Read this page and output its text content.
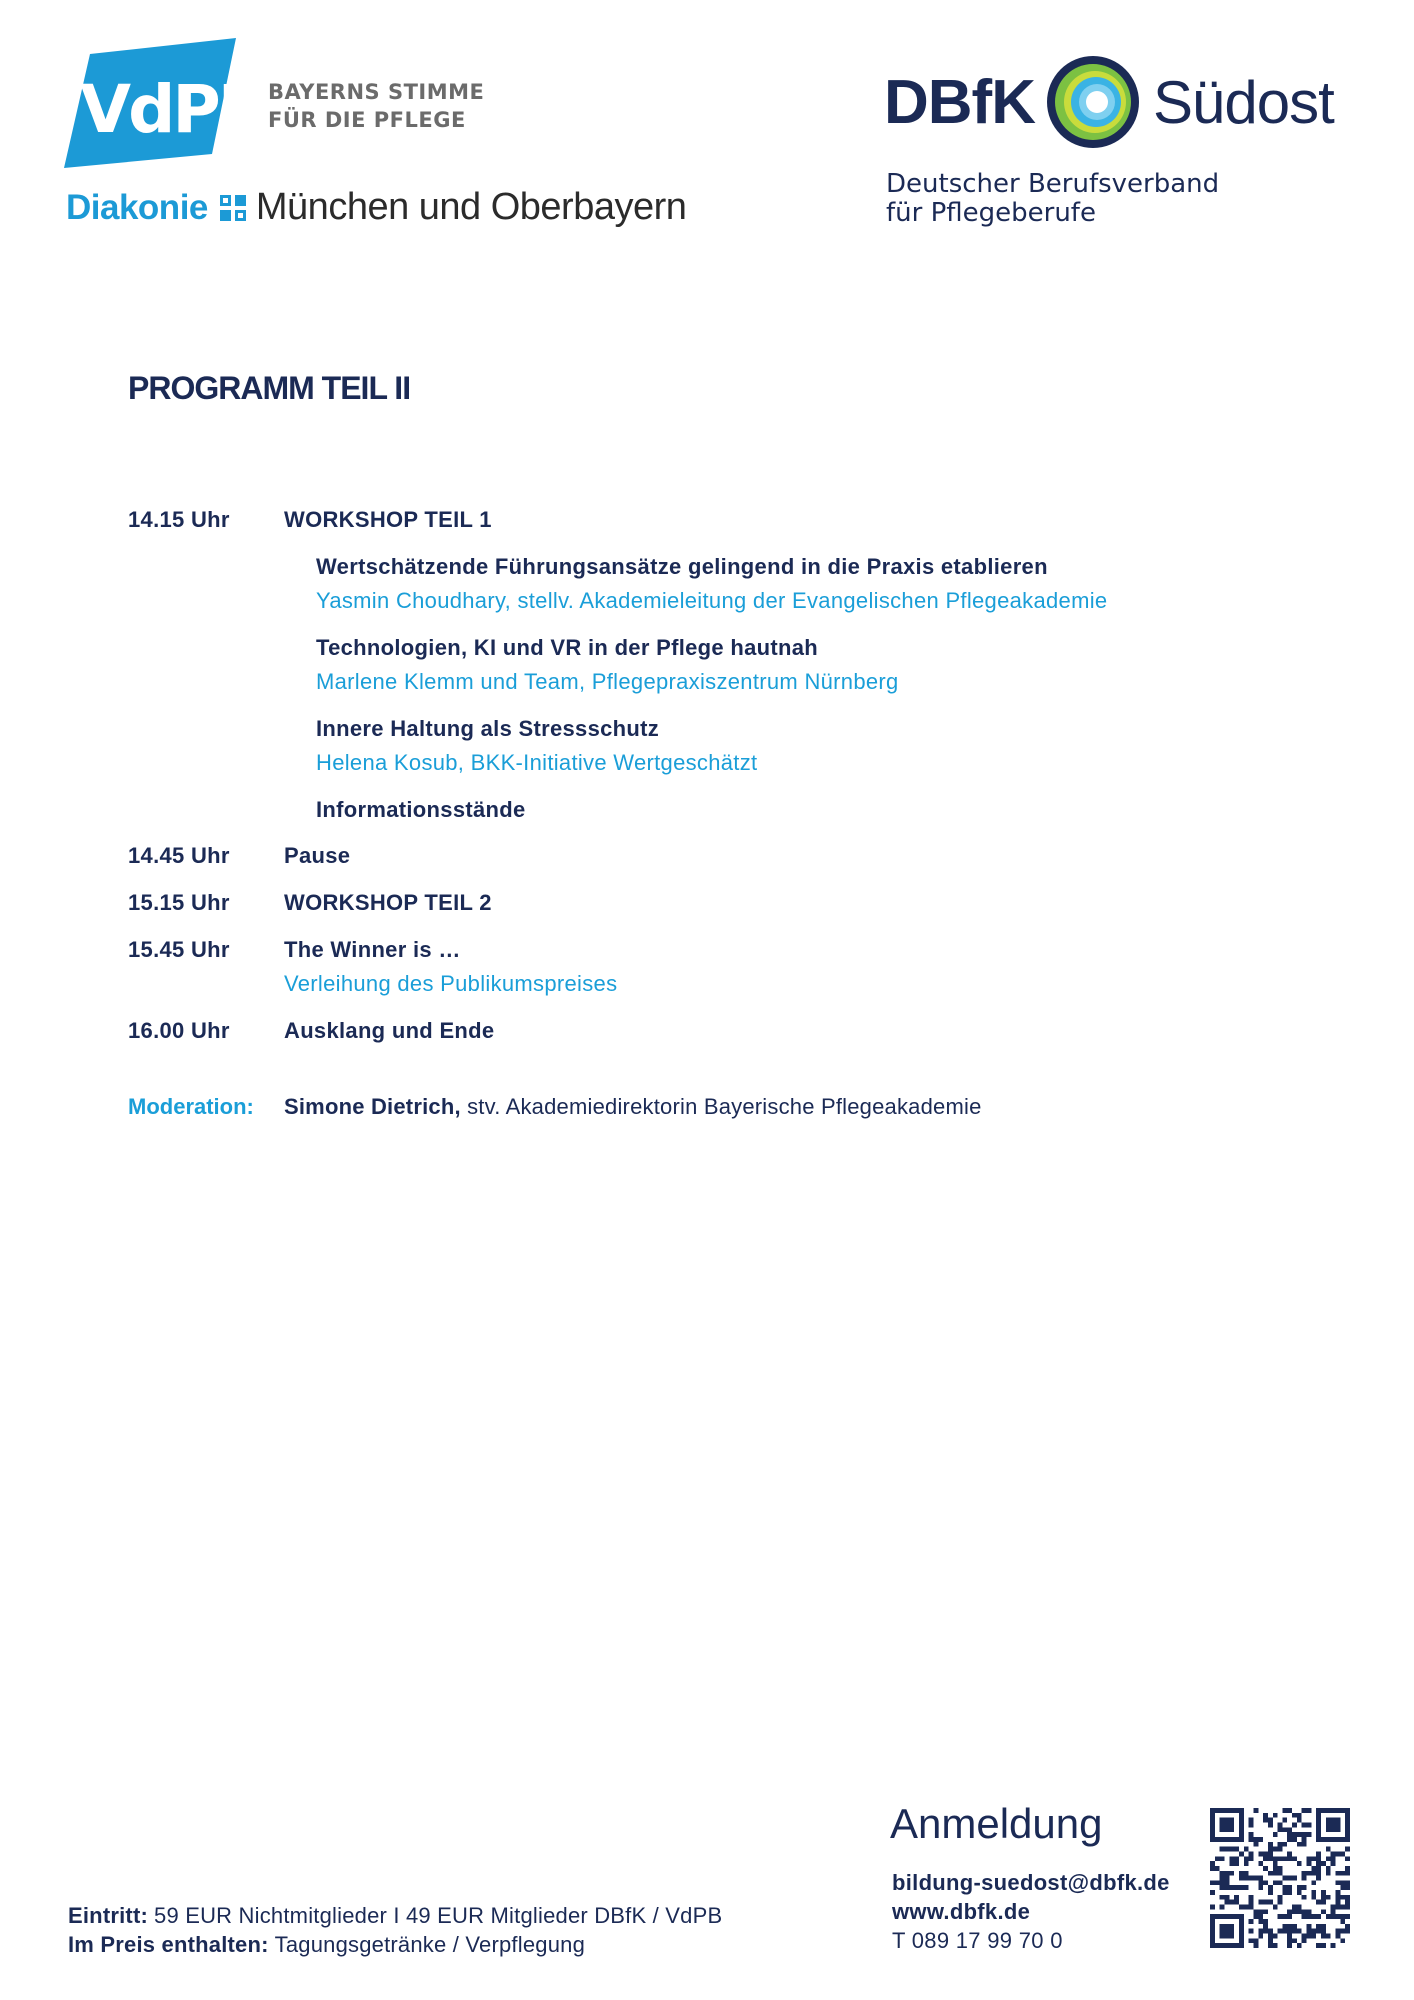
VdPB BAYERNS STIMME
FÜR DIE PFLEGE
Diakonie München und Oberbayern
DBfK Südost
Deutscher Berufsverband
für Pflegeberufe
PROGRAMM TEIL II
14.15 Uhr WORKSHOP TEIL 1
Wertschätzende Führungsansätze gelingend in die Praxis etablieren
Yasmin Choudhary, stellv. Akademieleitung der Evangelischen Pflegeakademie
Technologien, KI und VR in der Pflege hautnah
Marlene Klemm und Team, Pflegepraxiszentrum Nürnberg
Innere Haltung als Stressschutz
Helena Kosub, BKK-Initiative Wertgeschätzt
Informationsstände
14.45 Uhr Pause
15.15 Uhr WORKSHOP TEIL 2
15.45 Uhr The Winner is …
Verleihung des Publikumspreises
16.00 Uhr Ausklang und Ende
Moderation: Simone Dietrich, stv. Akademiedirektorin Bayerische Pflegeakademie
Anmeldung
bildung-suedost@dbfk.de
www.dbfk.de
T 089 17 99 70 0
Eintritt: 59 EUR Nichtmitglieder I 49 EUR Mitglieder DBfK / VdPB
Im Preis enthalten: Tagungsgetränke / Verpflegung
